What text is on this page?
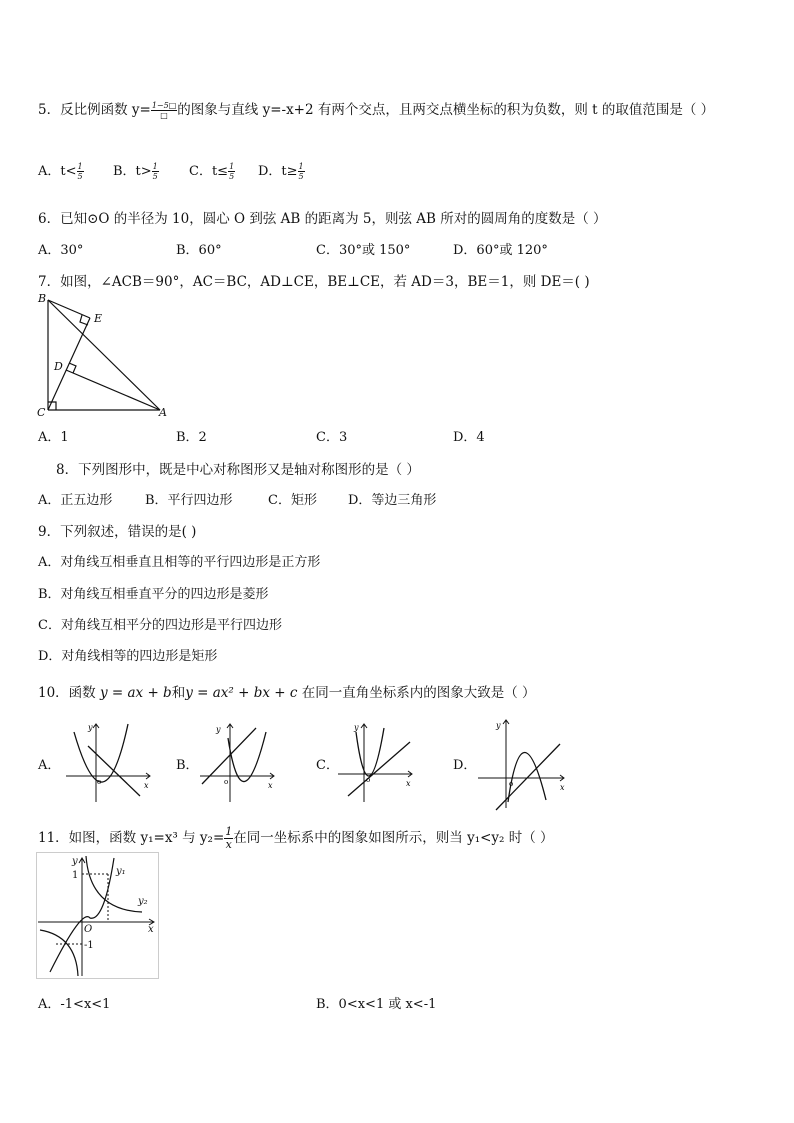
5．反比例函数 $y= \frac{1-5□}{□}$ 的图象与直线 y=-x+2 有两个交点，且两交点横坐标的积为负数，则 t 的取值范围是（ ）
A．$t< \frac{1}{5}$ B．$t> \frac{1}{5}$ C．$t\le \frac{1}{5}$ D．$t\ge \frac{1}{5}$
6．已知⊙O 的半径为 10，圆心 O 到弦 AB 的距离为 5，则弦 AB 所对的圆周角的度数是（ ）
A．30°	B．60°	C．30°或 150°	D．60°或 120°
7．如图，∠ACB＝90°，AC＝BC，AD⊥CE，BE⊥CE，若 AD＝3，BE＝1，则 DE＝( )
B
E
D
C	A
A．1	B．2	C．3	D．4
8．下列图形中，既是中心对称图形又是轴对称图形的是（ ）
A．正五边形	B．平行四边形	C．矩形 D．等边三角形
9．下列叙述，错误的是( )
A．对角线互相垂直且相等的平行四边形是正方形
B．对角线互相垂直平分的四边形是菱形
C．对角线互相平分的四边形是平行四边形
D．对角线相等的四边形是矩形
10．函数 y = ax + b和y = ax² + bx + c 在同一直角坐标系内的图象大致是（ ）
A．
x
y
o
B．
x
y
o
C．
x
y
o
D．
x
y
o
11．如图，函数 y₁=x³ 与 $y_2= \frac{1}{x}$ 在同一坐标系中的图象如图所示，则当 y₁<y₂ 时（ ）
y
x
y₁
y₂
O
1
-1
A．-1<x<1	B．0<x<1 或 x<-1
